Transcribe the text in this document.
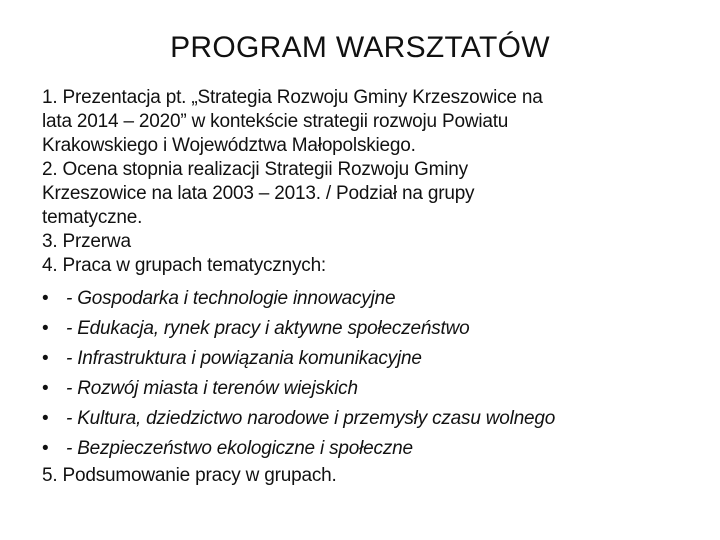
PROGRAM WARSZTATÓW
1. Prezentacja pt. „Strategia Rozwoju Gminy Krzeszowice na
lata 2014 – 2020” w kontekście strategii rozwoju Powiatu
Krakowskiego i Województwa Małopolskiego.
2. Ocena stopnia realizacji Strategii Rozwoju Gminy
Krzeszowice na lata 2003 – 2013. / Podział na grupy
tematyczne.
3. Przerwa
4. Praca w grupach tematycznych:
• - Gospodarka i technologie innowacyjne
• - Edukacja, rynek pracy i aktywne społeczeństwo
• - Infrastruktura i powiązania komunikacyjne
• - Rozwój miasta i terenów wiejskich
• - Kultura, dziedzictwo narodowe i przemysły czasu wolnego
• - Bezpieczeństwo ekologiczne i społeczne
5. Podsumowanie pracy w grupach.
